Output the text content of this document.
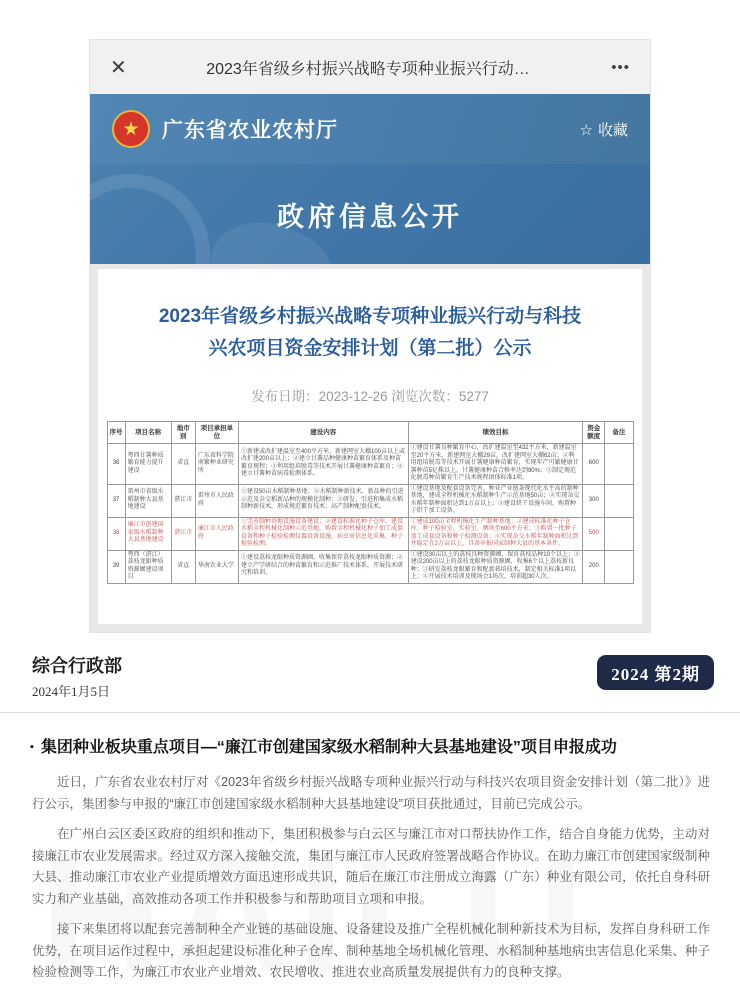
✕	2023年省级乡村振兴战略专项种业振兴行动…	•••
★	广东省农业农村厅	☆ 收藏
政府信息公开
2023年省级乡村振兴战略专项种业振兴行动与科技
兴农项目资金安排计划（第二批）公示
发布日期：2023-12-26 浏览次数：5277
序号	项目名称	地市别	项目承担单位	建设内容	绩效目标	资金额度	备注
36	粤西甘薯种质繁育能力提升建设	省直	广东省科学院南繁种业研究所	①新建或改扩建温室至400平方米，新建网室大棚100亩以上或改扩建200亩以上；②建立甘薯品种健康种苗繁育体系及种苗繁育规程；③利用组培脱毒等技术开展甘薯健康种苗繁育；④建立甘薯种苗病毒检测体系。	①建设甘薯良种繁育中心，改扩建温室至432平方米，新建温室至20平方米，新建网室大棚29亩，改扩建网室大棚62亩；②利用组培脱毒等技术开展甘薯健康种苗繁育，实现年产可繁健康甘薯种苗5亿株以上，甘薯健康种苗合格率达到90%；③制定规范化脱毒种苗繁育生产技术规程团体标准1项。	600	
37	雷州市省级水稻制种大县基地建设	湛江市	雷州市人民政府	①建设50亩水稻制种基地；②水稻制种新技术、新品种的引进示范及杂交稻新品种的规模化制种；③研发、引进和集成水稻制种新技术，形成规范繁育技术、高产制种配套技术。	①建设基地及配套设备完善、种业产业链条现代化水平高的制种基地，建成全程机械化水稻制种生产示范基地50亩；②实现杂交水稻年制种面积达到1万亩以上；③建设烘干设施车间，购置种子烘干加工设备。	300	
38	廉江市创建国家级水稻制种大县基地建设	湛江市	廉江市人民政府	①完善制种基地设施设备建设；②建设标准化种子仓库，建设水稻全程机械化制种示范基地，购置全程机械化种子加工成套设备和种子检验检测仪器设备设施，病虫害信息化采集、种子检验检测。	①建成100亩全程机械化生产制种基地；②建成标准化种子仓库、种子检验室、实验室、晒场至600平方米；③购置一批种子加工成套设备和种子检测设备；④实现杂交水稻年制种面积达到并稳定在2万亩以上，具备申报国家制种大县的基本条件。	500	
39	粤西（湛江）荔枝龙眼种质资源圃建设项目	省直	华南农业大学	①建设荔枝龙眼种质资源圃，收集保存荔枝龙眼种质资源；②建立产学研结合的种苗繁育和示范推广技术体系，开展技术研究和培训。	①建设30亩以上的荔枝良种资源圃，保育荔枝品种10个以上；②建设200亩以上的荔枝龙眼种质资源圃，收集6个以上荔枝新良种；③研发荔枝龙眼繁育和配套栽培技术，制定相关标准1项以上；④开展技术培训及现场会1场次，培训超30人次。	200	
综合行政部
2024年1月5日
2024 第2期
▪ 集团种业板块重点项目—“廉江市创建国家级水稻制种大县基地建设”项目申报成功

近日，广东省农业农村厅对《2023年省级乡村振兴战略专项种业振兴行动与科技兴农项目资金安排计划（第二批）》进行公示，集团参与申报的“廉江市创建国家级水稻制种大县基地建设”项目获批通过，目前已完成公示。

在广州白云区委区政府的组织和推动下，集团积极参与白云区与廉江市对口帮扶协作工作，结合自身能力优势，主动对接廉江市农业发展需求。经过双方深入接触交流，集团与廉江市人民政府签署战略合作协议。在助力廉江市创建国家级制种大县、推动廉江市农业产业提质增效方面迅速形成共识，随后在廉江市注册成立海露（广东）种业有限公司，依托自身科研实力和产业基础，高效推动各项工作并积极参与和帮助项目立项和申报。

接下来集团将以配套完善制种全产业链的基础设施、设备建设及推广全程机械化制种新技术为目标，发挥自身科研工作优势，在项目运作过程中，承担起建设标准化种子仓库、制种基地全场机械化管理、水稻制种基地病虫害信息化采集、种子检验检测等工作，为廉江市农业产业增效、农民增收、推进农业高质量发展提供有力的良种支撑。
